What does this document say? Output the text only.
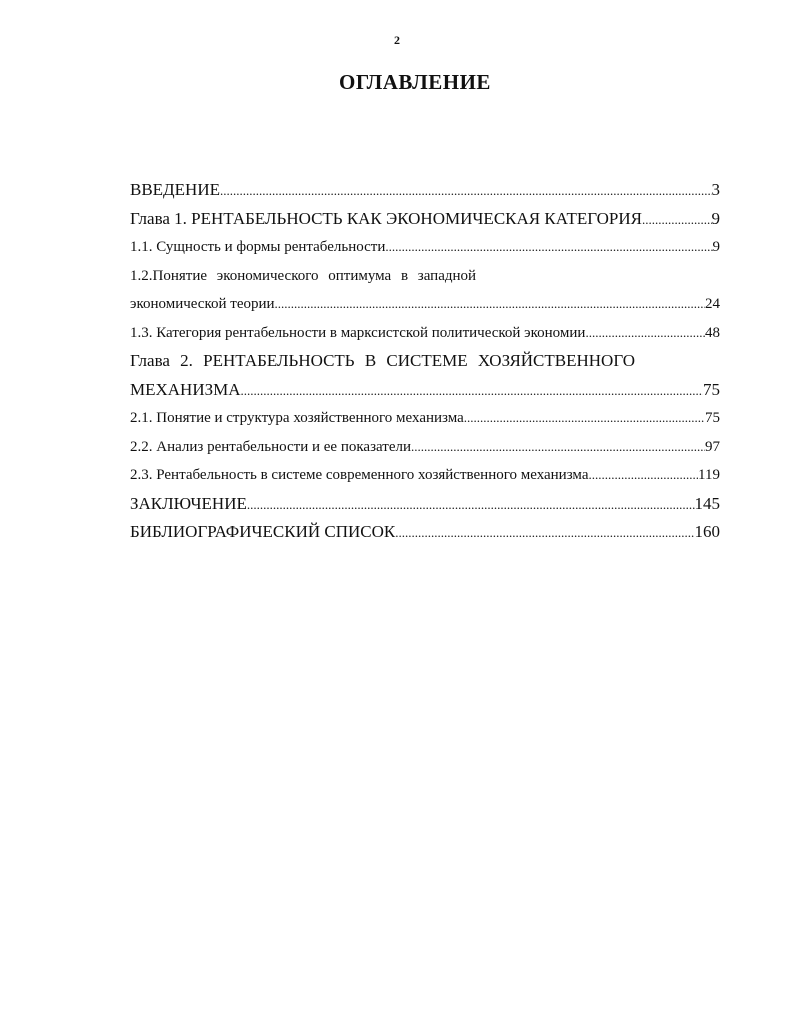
2
ОГЛАВЛЕНИЕ
ВВЕДЕНИЕ .....	3
Глава 1. РЕНТАБЕЛЬНОСТЬ КАК ЭКОНОМИЧЕСКАЯ КАТЕГОРИЯ .....	9
1.1. Сущность и формы рентабельности .....	9
1.2.Понятие экономического оптимума в западной
экономической теории .....	24
1.3. Категория рентабельности в марксистской политической экономии .....	48
Глава 2. РЕНТАБЕЛЬНОСТЬ В СИСТЕМЕ ХОЗЯЙСТВЕННОГО
МЕХАНИЗМА .....	75
2.1. Понятие и структура хозяйственного механизма .....	75
2.2. Анализ рентабельности и ее показатели .....	97
2.3. Рентабельность в системе современного хозяйственного механизма .....	119
ЗАКЛЮЧЕНИЕ .....	145
БИБЛИОГРАФИЧЕСКИЙ СПИСОК .....	160
